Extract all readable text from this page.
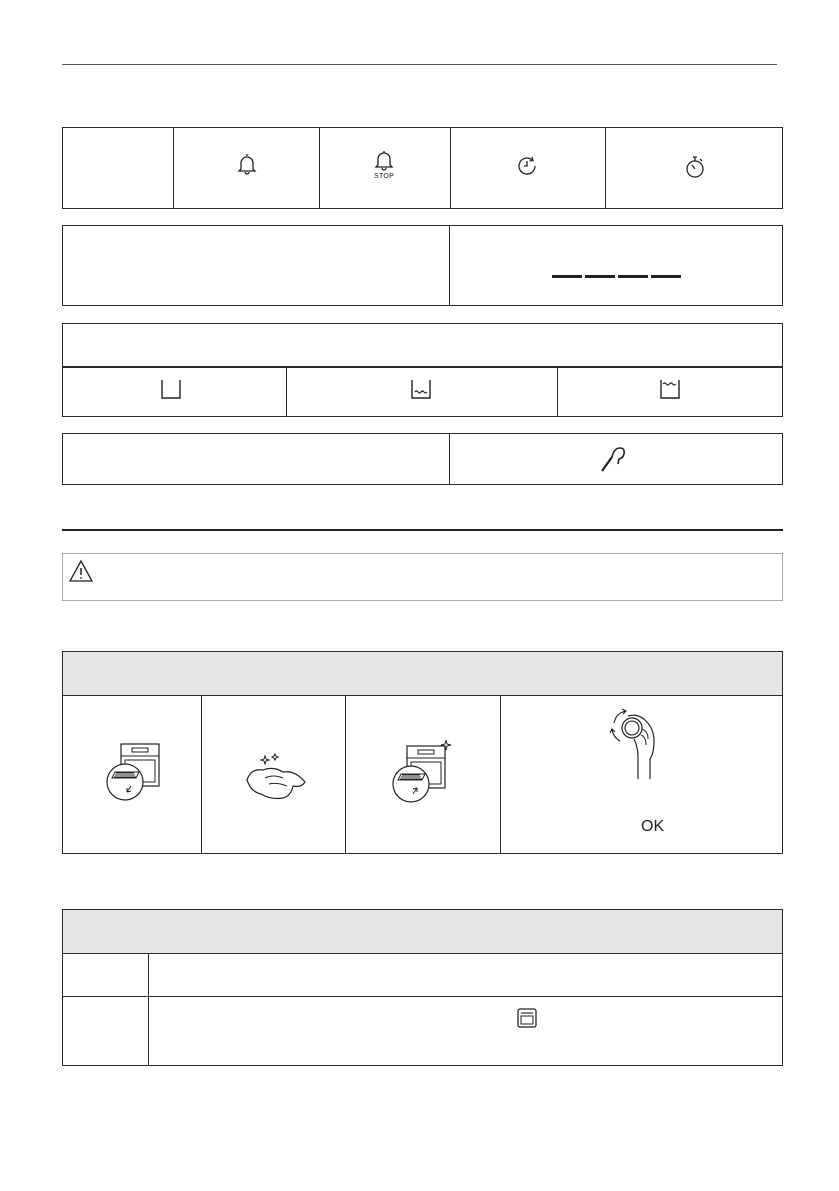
STOP
OK
